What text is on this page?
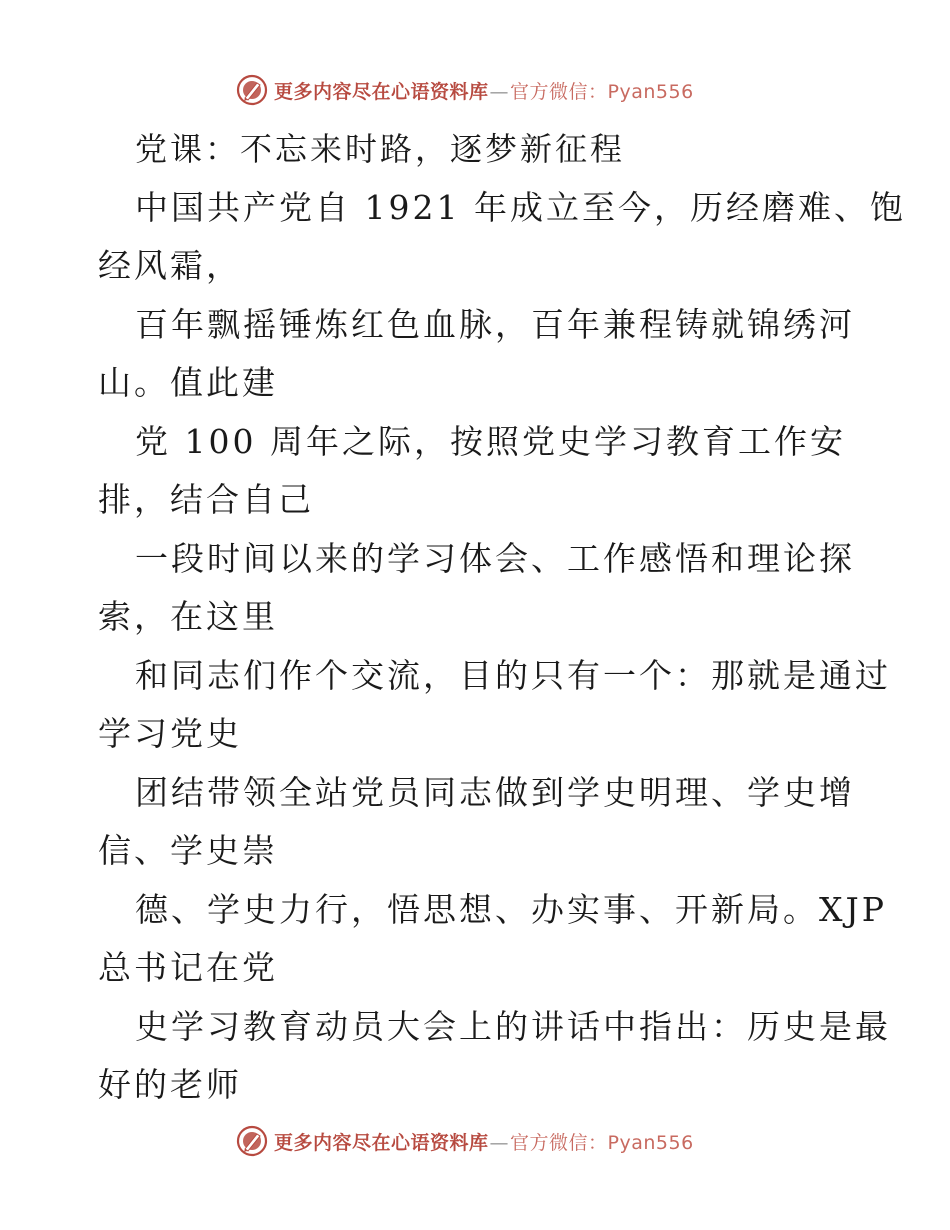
更多内容尽在心语资料库—官方微信：Pyan556
党课：不忘来时路，逐梦新征程
中国共产党自 1921 年成立至今，历经磨难、饱
经风霜，
百年飘摇锤炼红色血脉，百年兼程铸就锦绣河
山。值此建
党 100 周年之际，按照党史学习教育工作安
排，结合自己
一段时间以来的学习体会、工作感悟和理论探
索，在这里
和同志们作个交流，目的只有一个：那就是通过
学习党史
团结带领全站党员同志做到学史明理、学史增
信、学史崇
德、学史力行，悟思想、办实事、开新局。XJP
总书记在党
史学习教育动员大会上的讲话中指出：历史是最
好的老师
更多内容尽在心语资料库—官方微信：Pyan556
